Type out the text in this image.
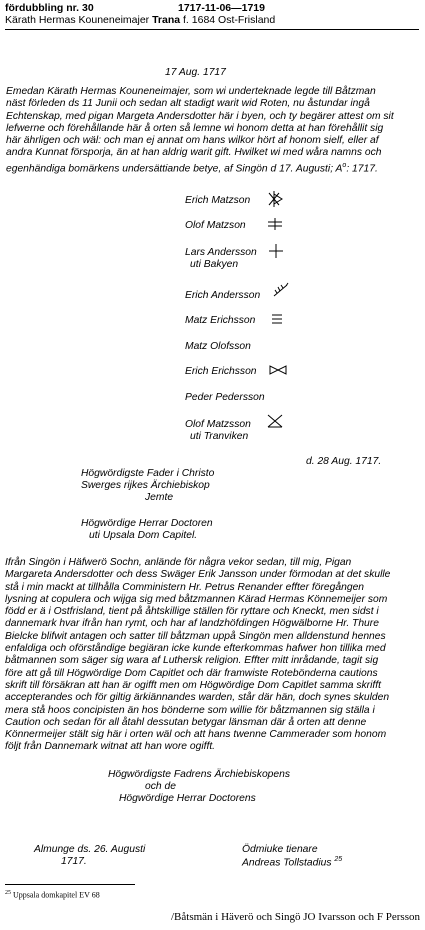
fördubbling nr. 30	1717-11-06—1719
Kärath Hermas Kouneneimajer Trana f. 1684 Ost-Frisland
17 Aug. 1717
Emedan Kärath Hermas Kouneneimajer, som wi underteknade legde till Båtzman
näst förleden ds 11 Junii och sedan alt stadigt warit wid Roten, nu åstundar ingå
Echtenskap, med pigan Margeta Andersdotter här i byen, och ty begärer attest om sit
lefwerne och förehållande här å orten så lemne wi honom detta at han förehållit sig
här ährligen och wäl: och man ej annat om hans wilkor hört af honom sielf, eller af
andra Kunnat försporja, än at han aldrig warit gift. Hwilket wi med wåra namns och
egenhändiga bomärkens undersättiande betye, af Singön d 17. Augusti; $A^o$: 1717.
Erich Matzson
Olof Matzson
Lars Andersson
uti Bakyen
Erich Andersson
Matz Erichsson
Matz Olofsson
Erich Erichsson
Peder Pedersson
Olof Matzsson
uti Tranviken
d. 28 Aug. 1717.
Högwördigste Fader i Christo
Swerges rijkes Ärchiebiskop
Jemte
Högwördige Herrar Doctoren
uti Upsala Dom Capitel.
Ifrån Singön i Häfwerö Sochn, anlände för några vekor sedan, till mig, Pigan
Margareta Andersdotter och dess Swäger Erik Jansson under förmodan at det skulle
stå i min mackt at tillhålla Comministern Hr. Petrus Renander effter föregången
lysning at copulera och wijga sig med båtzmannen Kärad Hermas Könnemeijer som
född er ä i Ostfrisland, tient på åhtskillige ställen för ryttare och Kneckt, men sidst i
dannemark hvar ifrån han rymt, och har af landzhöfdingen Högwälborne Hr. Thure
Bielcke blifwit antagen och satter till båtzman uppå Singön men alldenstund hennes
enfaldiga och oförståndige begiäran icke kunde efterkommas hafwer hon tillika med
båtmannen som säger sig wara af Luthersk religion. Effter mitt inrådande, tagit sig
före att gå till Högwördige Dom Capitlet och där framwiste Rotebönderna cautions
skrift till försäkran att han är ogifft men om Högwördige Dom Capitlet samma skrifft
accepterandes och för giltig ärkiännandes warden, står där hän, doch synes skulden
mera stå hoos concipisten än hos bönderne som willie för båtzmannen sig ställa i
Caution och sedan för all åtahl dessutan betygar länsman där å orten att denne
Könnermeijer stält sig här i orten wäl och att hans twenne Cammerader som honom
följt från Dannemark witnat att han wore ogifft.
Högwördigste Fadrens Ärchiebiskopens
och de
Högwördige Herrar Doctorens
Almunge ds. 26. Augusti
1717.
Ödmiuke tienare
Andreas Tollstadius $^{25}$
$^{25}$ Uppsala domkapitel EV 68
/Båtsmän i Häverö och Singö JO Ivarsson och F Persson
